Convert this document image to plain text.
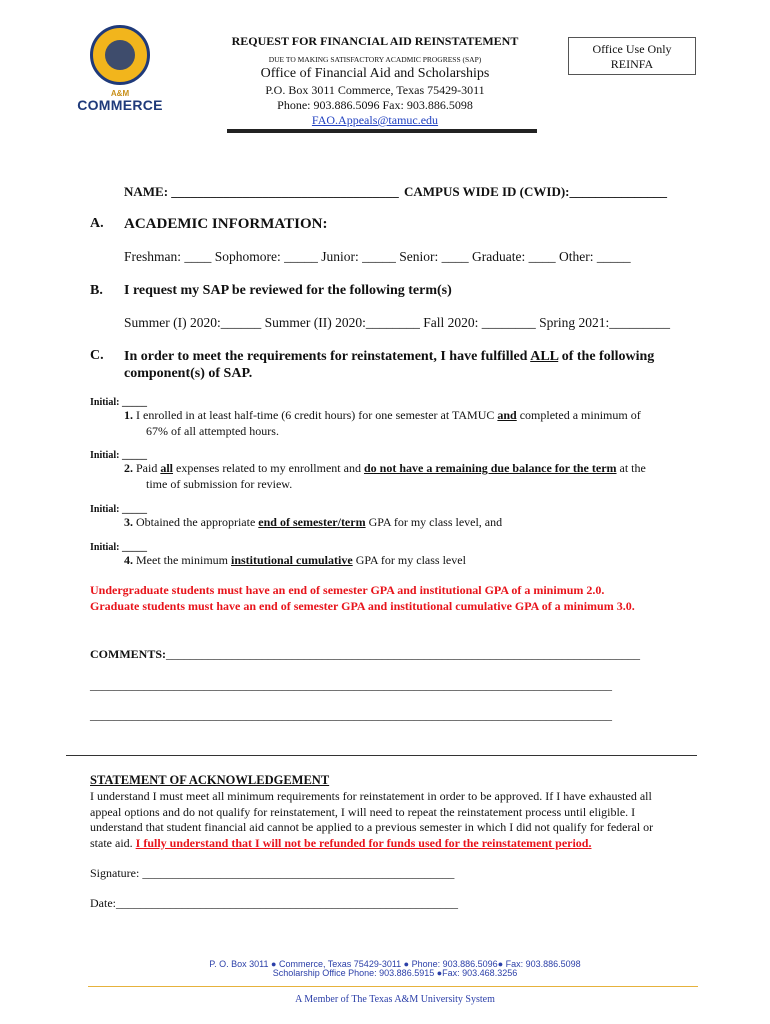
A&M
COMMERCE
REQUEST FOR FINANCIAL AID REINSTATEMENT
DUE TO MAKING SATISFACTORY ACADMIC PROGRESS (SAP)
Office of Financial Aid and Scholarships
P.O. Box 3011 Commerce, Texas 75429-3011
Phone: 903.886.5096 Fax: 903.886.5098
FAO.Appeals@tamuc.edu
Office Use Only
REINFA
NAME: ___________________________________ CAMPUS WIDE ID (CWID):_______________
A. ACADEMIC INFORMATION:
Freshman: ____ Sophomore: _____ Junior: _____ Senior: ____ Graduate: ____ Other: _____
B. I request my SAP be reviewed for the following term(s)
Summer (I) 2020:______ Summer (II) 2020:________ Fall 2020: ________ Spring 2021:_________
C. In order to meet the requirements for reinstatement, I have fulfilled ALL of the following
component(s) of SAP.
Initial: _____
1. I enrolled in at least half-time (6 credit hours) for one semester at TAMUC and completed a minimum of
67% of all attempted hours.
Initial: _____
2. Paid all expenses related to my enrollment and do not have a remaining due balance for the term at the
time of submission for review.
Initial: _____
3. Obtained the appropriate end of semester/term GPA for my class level, and
Initial: _____
4. Meet the minimum institutional cumulative GPA for my class level
Undergraduate students must have an end of semester GPA and institutional GPA of a minimum 2.0.
Graduate students must have an end of semester GPA and institutional cumulative GPA of a minimum 3.0.
COMMENTS:_______________________________________________________________________________
_______________________________________________________________________________________
_______________________________________________________________________________________
STATEMENT OF ACKNOWLEDGEMENT
I understand I must meet all minimum requirements for reinstatement in order to be approved. If I have exhausted all
appeal options and do not qualify for reinstatement, I will need to repeat the reinstatement process until eligible. I
understand that student financial aid cannot be applied to a previous semester in which I did not qualify for federal or
state aid. I fully understand that I will not be refunded for funds used for the reinstatement period.
Signature: ____________________________________________________
Date:_________________________________________________________
P. O. Box 3011 ● Commerce, Texas 75429-3011 ● Phone: 903.886.5096● Fax: 903.886.5098
Scholarship Office Phone: 903.886.5915 ●Fax: 903.468.3256
A Member of The Texas A&M University System
